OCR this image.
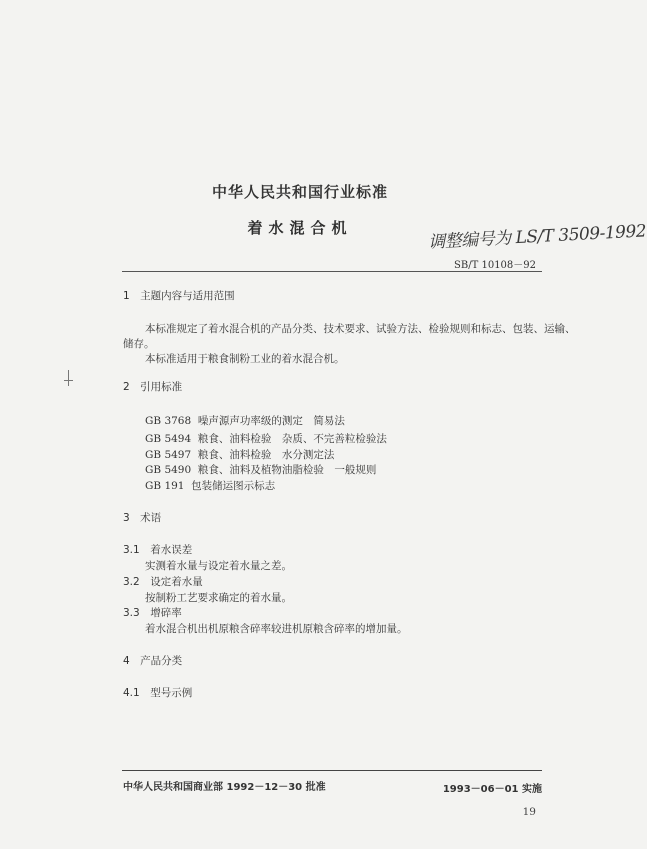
中华人民共和国行业标准
着水混合机	调整编号为 LS/T 3509-1992
SB/T 10108－92
1　主题内容与适用范围
本标准规定了着水混合机的产品分类、技术要求、试验方法、检验规则和标志、包装、运输、
储存。
本标准适用于粮食制粉工业的着水混合机。
2　引用标准
GB 3768 噪声源声功率级的测定　简易法
GB 5494 粮食、油料检验　杂质、不完善粒检验法
GB 5497 粮食、油料检验　水分测定法
GB 5490 粮食、油料及植物油脂检验　一般规则
GB 191 包装储运图示标志
3　术语
3.1　着水误差
实测着水量与设定着水量之差。
3.2　设定着水量
按制粉工艺要求确定的着水量。
3.3　增碎率
着水混合机出机原粮含碎率较进机原粮含碎率的增加量。
4　产品分类
4.1　型号示例
中华人民共和国商业部 1992－12－30 批准	1993－06－01 实施
19
